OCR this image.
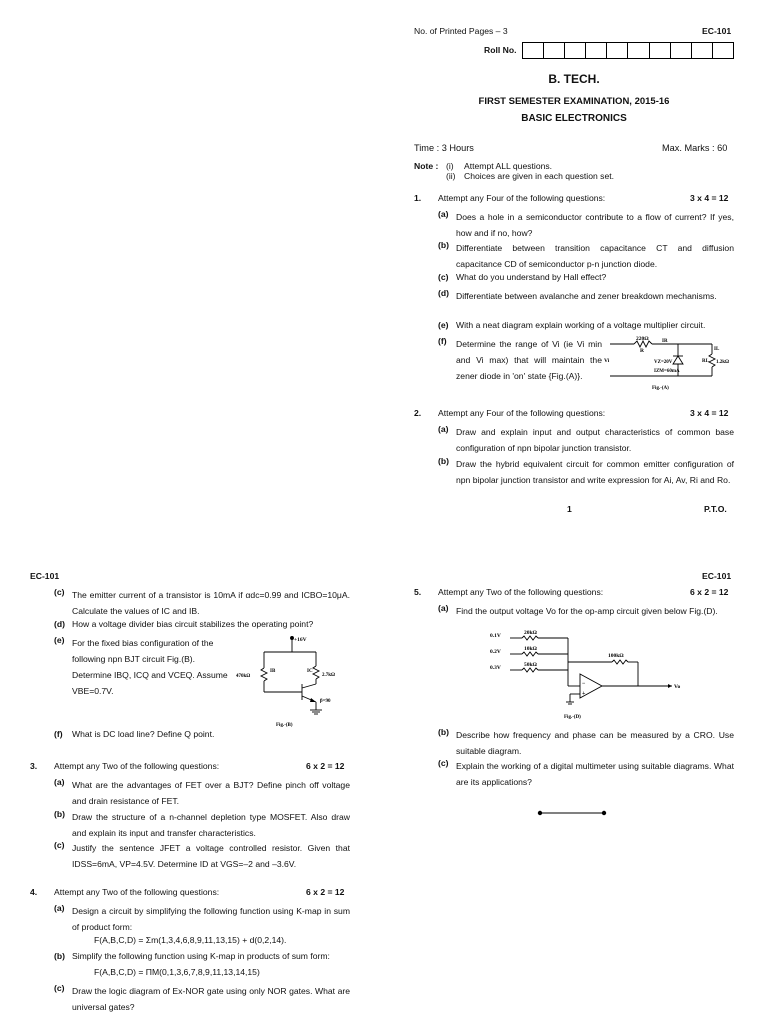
No. of Printed Pages – 3	EC-101
Roll No.
B. TECH.
FIRST SEMESTER EXAMINATION, 2015-16
BASIC ELECTRONICS
Time : 3 Hours	Max. Marks : 60
Note : (i) Attempt ALL questions.
(ii) Choices are given in each question set.
1. Attempt any Four of the following questions:	3 x 4 = 12
(a) Does a hole in a semiconductor contribute to a flow of current? If yes, how and if no, how?
(b) Differentiate between transition capacitance CT and diffusion capacitance CD of semiconductor p-n junction diode.
(c) What do you understand by Hall effect?
(d) Differentiate between avalanche and zener breakdown mechanisms.
(e) With a neat diagram explain working of a voltage multiplier circuit.
(f) Determine the range of Vi (ie Vi min and Vi max) that will maintain the zener diode in 'on' state {Fig.(A)}.
220Ω
R
IR
Vi	VZ=20V
IZM=60mA
IL
RL 1.2kΩ
Fig.-(A)
2. Attempt any Four of the following questions:	3 x 4 = 12
(a) Draw and explain input and output characteristics of common base configuration of npn bipolar junction transistor.
(b) Draw the hybrid equivalent circuit for common emitter configuration of npn bipolar junction transistor and write expression for Ai, Av, Ri and Ro.
1	P.T.O.
EC-101
(c) The emitter current of a transistor is 10mA if αdc=0.99 and ICBO=10μA. Calculate the values of IC and IB.
(d) How a voltage divider bias circuit stabilizes the operating point?
(e) For the fixed bias configuration of the following npn BJT circuit Fig.(B). Determine IBQ, ICQ and VCEQ. Assume VBE=0.7V.
+16V
470kΩ
IB	IC
2.7kΩ
β=90
Fig.-(B)
(f) What is DC load line? Define Q point.
3. Attempt any Two of the following questions:	6 x 2 = 12
(a) What are the advantages of FET over a BJT? Define pinch off voltage and drain resistance of FET.
(b) Draw the structure of a n-channel depletion type MOSFET. Also draw and explain its input and transfer characteristics.
(c) Justify the sentence JFET a voltage controlled resistor. Given that IDSS=6mA, VP=4.5V. Determine ID at VGS=–2 and –3.6V.
4. Attempt any Two of the following questions:	6 x 2 = 12
(a) Design a circuit by simplifying the following function using K-map in sum of product form:
F(A,B,C,D) = Σm(1,3,4,6,8,9,11,13,15) + d(0,2,14).
(b) Simplify the following function using K-map in products of sum form:
F(A,B,C,D) = ΠM(0,1,3,6,7,8,9,11,13,14,15)
(c) Draw the logic diagram of Ex-NOR gate using only NOR gates. What are universal gates?
EC-101
5. Attempt any Two of the following questions:	6 x 2 = 12
(a) Find the output voltage Vo for the op-amp circuit given below Fig.(D).
−
+
0.1V
0.2V
0.3V
20kΩ
10kΩ
50kΩ
100kΩ
Vo
Fig.-(D)
(b) Describe how frequency and phase can be measured by a CRO. Use suitable diagram.
(c) Explain the working of a digital multimeter using suitable diagrams. What are its applications?
